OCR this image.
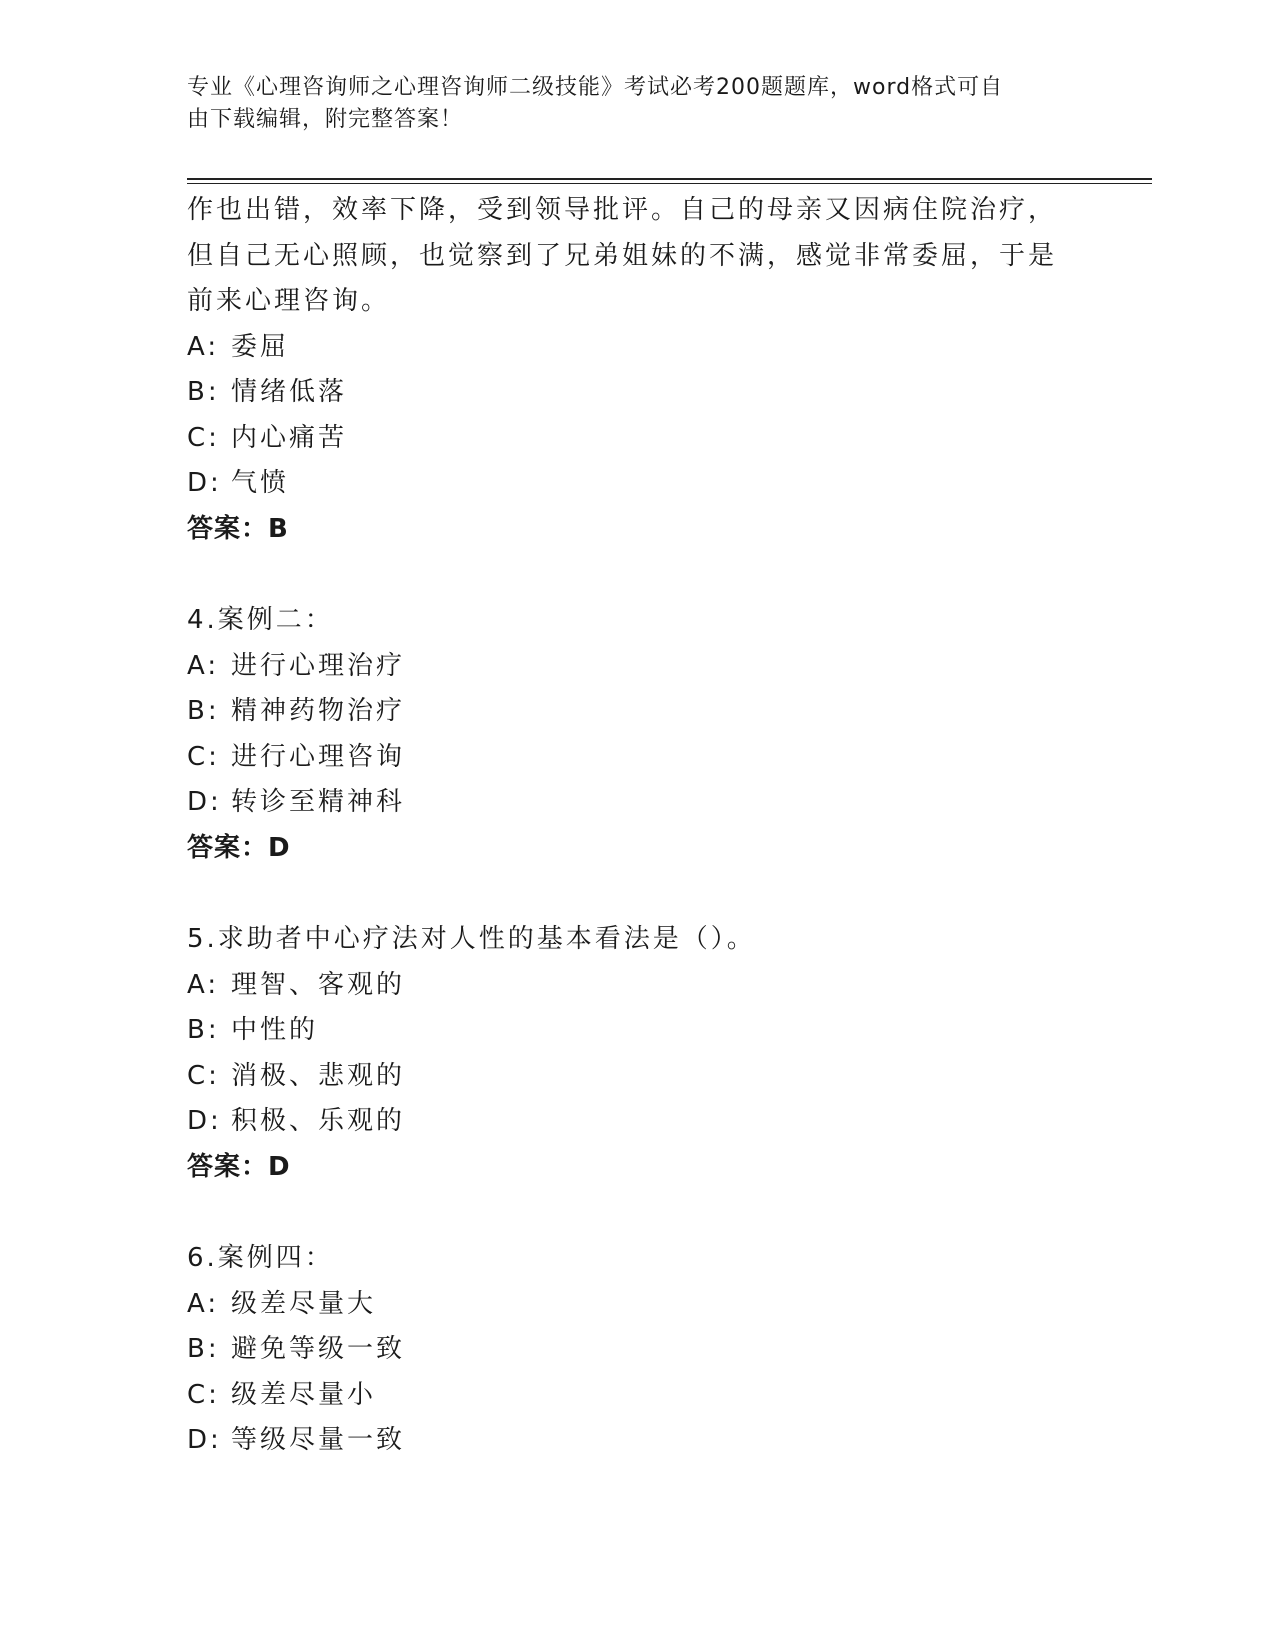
专业《心理咨询师之心理咨询师二级技能》考试必考200题题库，word格式可自
由下载编辑，附完整答案！
作也出错，效率下降，受到领导批评。自己的母亲又因病住院治疗，
但自己无心照顾，也觉察到了兄弟姐妹的不满，感觉非常委屈，于是
前来心理咨询。
A: 委屈
B: 情绪低落
C: 内心痛苦
D: 气愤
答案：B
4.案例二：
A: 进行心理治疗
B: 精神药物治疗
C: 进行心理咨询
D: 转诊至精神科
答案：D
5.求助者中心疗法对人性的基本看法是（）。
A: 理智、客观的
B: 中性的
C: 消极、悲观的
D: 积极、乐观的
答案：D
6.案例四：
A: 级差尽量大
B: 避免等级一致
C: 级差尽量小
D: 等级尽量一致
